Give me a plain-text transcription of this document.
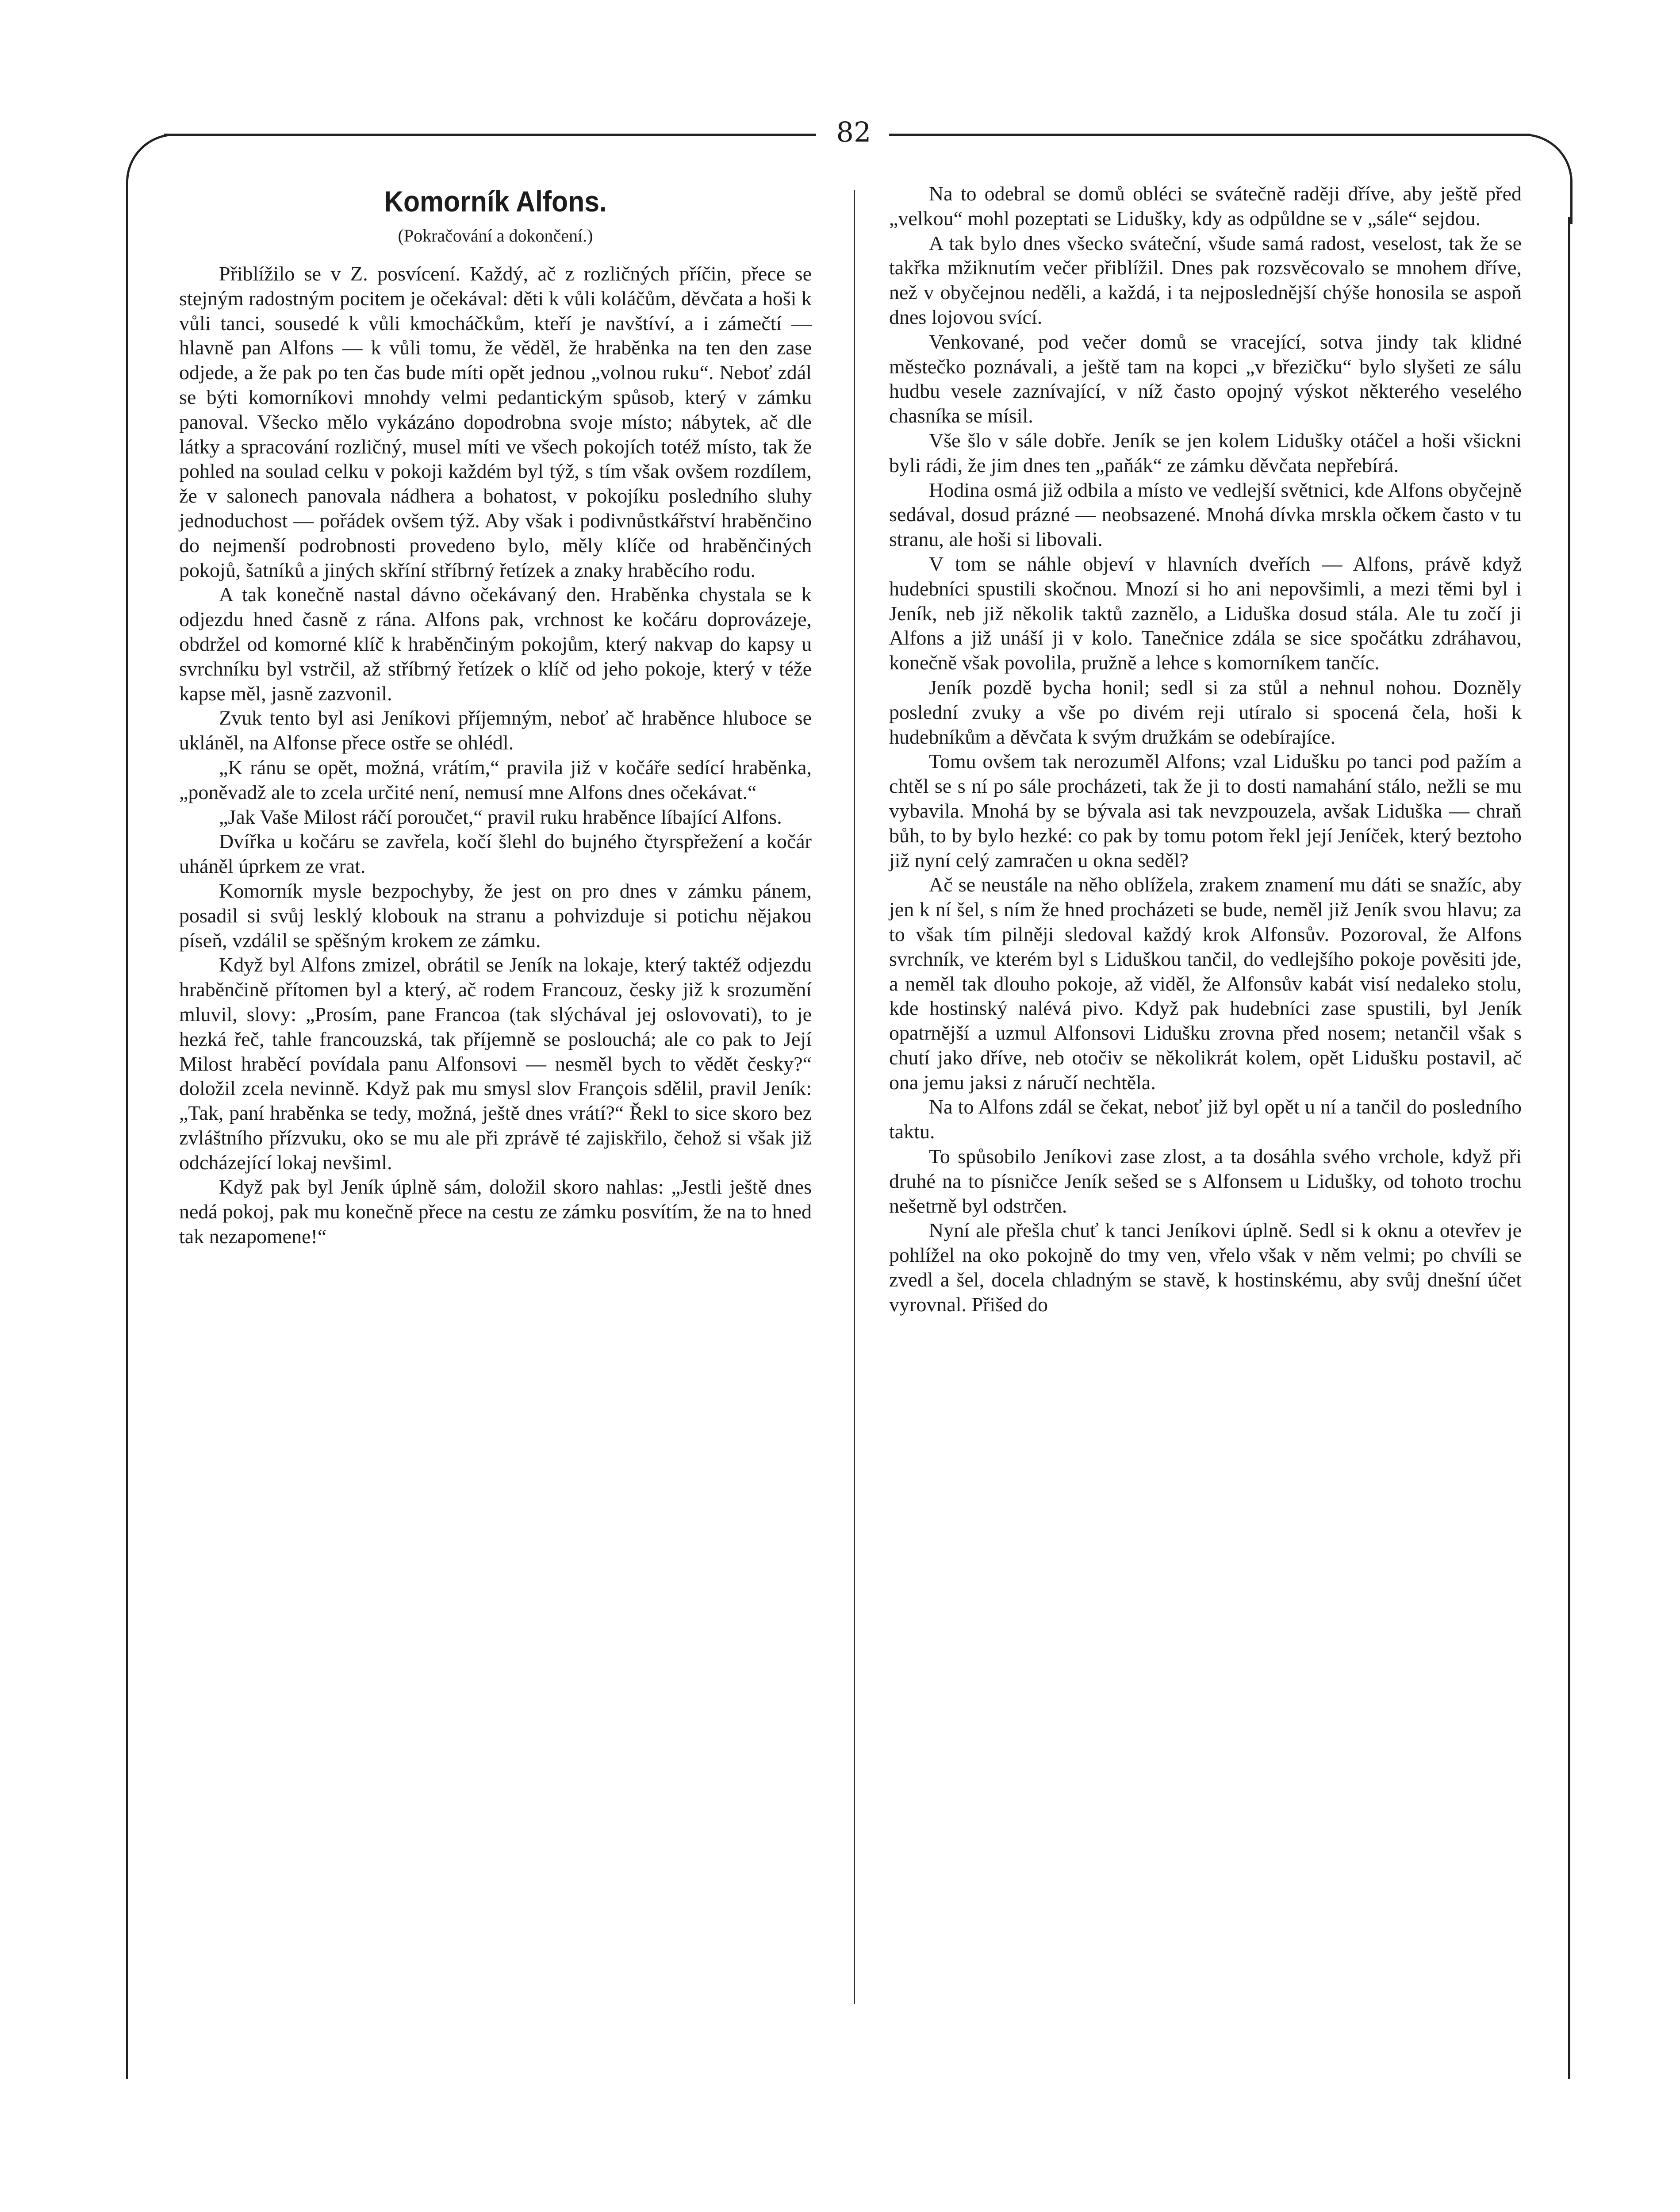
82
Komorník Alfons.
(Pokračování a dokončení.)

Přiblížilo se v Z. posvícení. Každý, ač z rozličných příčin, přece se stejným radostným pocitem je očekával: děti k vůli koláčům, děvčata a hoši k vůli tanci, sousedé k vůli kmocháčkům, kteří je navštíví, a i zámečtí — hlavně pan Alfons — k vůli tomu, že věděl, že hraběnka na ten den zase odjede, a že pak po ten čas bude míti opět jednou „volnou ruku“. Neboť zdál se býti komorníkovi mnohdy velmi pedantickým spůsob, který v zámku panoval. Všecko mělo vykázáno dopodrobna svoje místo; nábytek, ač dle látky a spracování rozličný, musel míti ve všech pokojích totéž místo, tak že pohled na soulad celku v pokoji každém byl týž, s tím však ovšem rozdílem, že v salonech panovala nádhera a bohatost, v pokojíku posledního sluhy jednoduchost — pořádek ovšem týž. Aby však i podivnůstkářství hraběnčino do nejmenší podrobnosti provedeno bylo, měly klíče od hraběnčiných pokojů, šatníků a jiných skříní stříbrný řetízek a znaky hraběcího rodu.

A tak konečně nastal dávno očekávaný den. Hraběnka chystala se k odjezdu hned časně z rána. Alfons pak, vrchnost ke kočáru doprovázeje, obdržel od komorné klíč k hraběnčiným pokojům, který nakvap do kapsy u svrchníku byl vstrčil, až stříbrný řetízek o klíč od jeho pokoje, který v téže kapse měl, jasně zazvonil.

Zvuk tento byl asi Jeníkovi příjemným, neboť ač hraběnce hluboce se ukláněl, na Alfonse přece ostře se ohlédl.

„K ránu se opět, možná, vrátím,“ pravila již v kočáře sedící hraběnka, „poněvadž ale to zcela určité není, nemusí mne Alfons dnes očekávat.“

„Jak Vaše Milost ráčí poroučet,“ pravil ruku hraběnce líbající Alfons.

Dvířka u kočáru se zavřela, kočí šlehl do bujného čtyrspřežení a kočár uháněl úprkem ze vrat.

Komorník mysle bezpochyby, že jest on pro dnes v zámku pánem, posadil si svůj lesklý klobouk na stranu a pohvizduje si potichu nějakou píseň, vzdálil se spěšným krokem ze zámku.

Když byl Alfons zmizel, obrátil se Jeník na lokaje, který taktéž odjezdu hraběnčině přítomen byl a který, ač rodem Francouz, česky již k srozumění mluvil, slovy: „Prosím, pane Francoa (tak slýchával jej oslovovati), to je hezká řeč, tahle francouzská, tak příjemně se poslouchá; ale co pak to Její Milost hraběcí povídala panu Alfonsovi — nesměl bych to vědět česky?“ doložil zcela nevinně. Když pak mu smysl slov François sdělil, pravil Jeník: „Tak, paní hraběnka se tedy, možná, ještě dnes vrátí?“ Řekl to sice skoro bez zvláštního přízvuku, oko se mu ale při zprávě té zajiskřilo, čehož si však již odcházející lokaj nevšiml.

Když pak byl Jeník úplně sám, doložil skoro nahlas: „Jestli ještě dnes nedá pokoj, pak mu konečně přece na cestu ze zámku posvítím, že na to hned tak nezapomene!“

Na to odebral se domů obléci se svátečně raději dříve, aby ještě před „velkou“ mohl pozeptati se Lidušky, kdy as odpůldne se v „sále“ sejdou.

A tak bylo dnes všecko sváteční, všude samá radost, veselost, tak že se takřka mžiknutím večer přiblížil. Dnes pak rozsvěcovalo se mnohem dříve, než v obyčejnou neděli, a každá, i ta nejposlednější chýše honosila se aspoň dnes lojovou svící.

Venkované, pod večer domů se vracející, sotva jindy tak klidné městečko poznávali, a ještě tam na kopci „v březičku“ bylo slyšeti ze sálu hudbu vesele zaznívající, v níž často opojný výskot některého veselého chasníka se mísil.

Vše šlo v sále dobře. Jeník se jen kolem Lidušky otáčel a hoši všickni byli rádi, že jim dnes ten „paňák“ ze zámku děvčata nepřebírá.

Hodina osmá již odbila a místo ve vedlejší světnici, kde Alfons obyčejně sedával, dosud prázné — neobsazené. Mnohá dívka mrskla očkem často v tu stranu, ale hoši si libovali.

V tom se náhle objeví v hlavních dveřích — Alfons, právě když hudebníci spustili skočnou. Mnozí si ho ani nepovšimli, a mezi těmi byl i Jeník, neb již několik taktů zaznělo, a Liduška dosud stála. Ale tu zočí ji Alfons a již unáší ji v kolo. Tanečnice zdála se sice spočátku zdráhavou, konečně však povolila, pružně a lehce s komorníkem tančíc.

Jeník pozdě bycha honil; sedl si za stůl a nehnul nohou. Dozněly poslední zvuky a vše po divém reji utíralo si spocená čela, hoši k hudebníkům a děvčata k svým družkám se odebírajíce.

Tomu ovšem tak nerozuměl Alfons; vzal Lidušku po tanci pod pažím a chtěl se s ní po sále procházeti, tak že ji to dosti namahání stálo, nežli se mu vybavila. Mnohá by se bývala asi tak nevzpouzela, avšak Liduška — chraň bůh, to by bylo hezké: co pak by tomu potom řekl její Jeníček, který beztoho již nyní celý zamračen u okna seděl?

Ač se neustále na něho oblížela, zrakem znamení mu dáti se snažíc, aby jen k ní šel, s ním že hned procházeti se bude, neměl již Jeník svou hlavu; za to však tím pilněji sledoval každý krok Alfonsův. Pozoroval, že Alfons svrchník, ve kterém byl s Liduškou tančil, do vedlejšího pokoje pověsiti jde, a neměl tak dlouho pokoje, až viděl, že Alfonsův kabát visí nedaleko stolu, kde hostinský nalévá pivo. Když pak hudebníci zase spustili, byl Jeník opatrnější a uzmul Alfonsovi Lidušku zrovna před nosem; netančil však s chutí jako dříve, neb otočiv se několikrát kolem, opět Lidušku postavil, ač ona jemu jaksi z náručí nechtěla.

Na to Alfons zdál se čekat, neboť již byl opět u ní a tančil do posledního taktu.

To spůsobilo Jeníkovi zase zlost, a ta dosáhla svého vrchole, když při druhé na to písničce Jeník sešed se s Alfonsem u Lidušky, od tohoto trochu nešetrně byl odstrčen.

Nyní ale přešla chuť k tanci Jeníkovi úplně. Sedl si k oknu a otevřev je pohlížel na oko pokojně do tmy ven, vřelo však v něm velmi; po chvíli se zvedl a šel, docela chladným se stavě, k hostinskému, aby svůj dnešní účet vyrovnal. Přišed do
